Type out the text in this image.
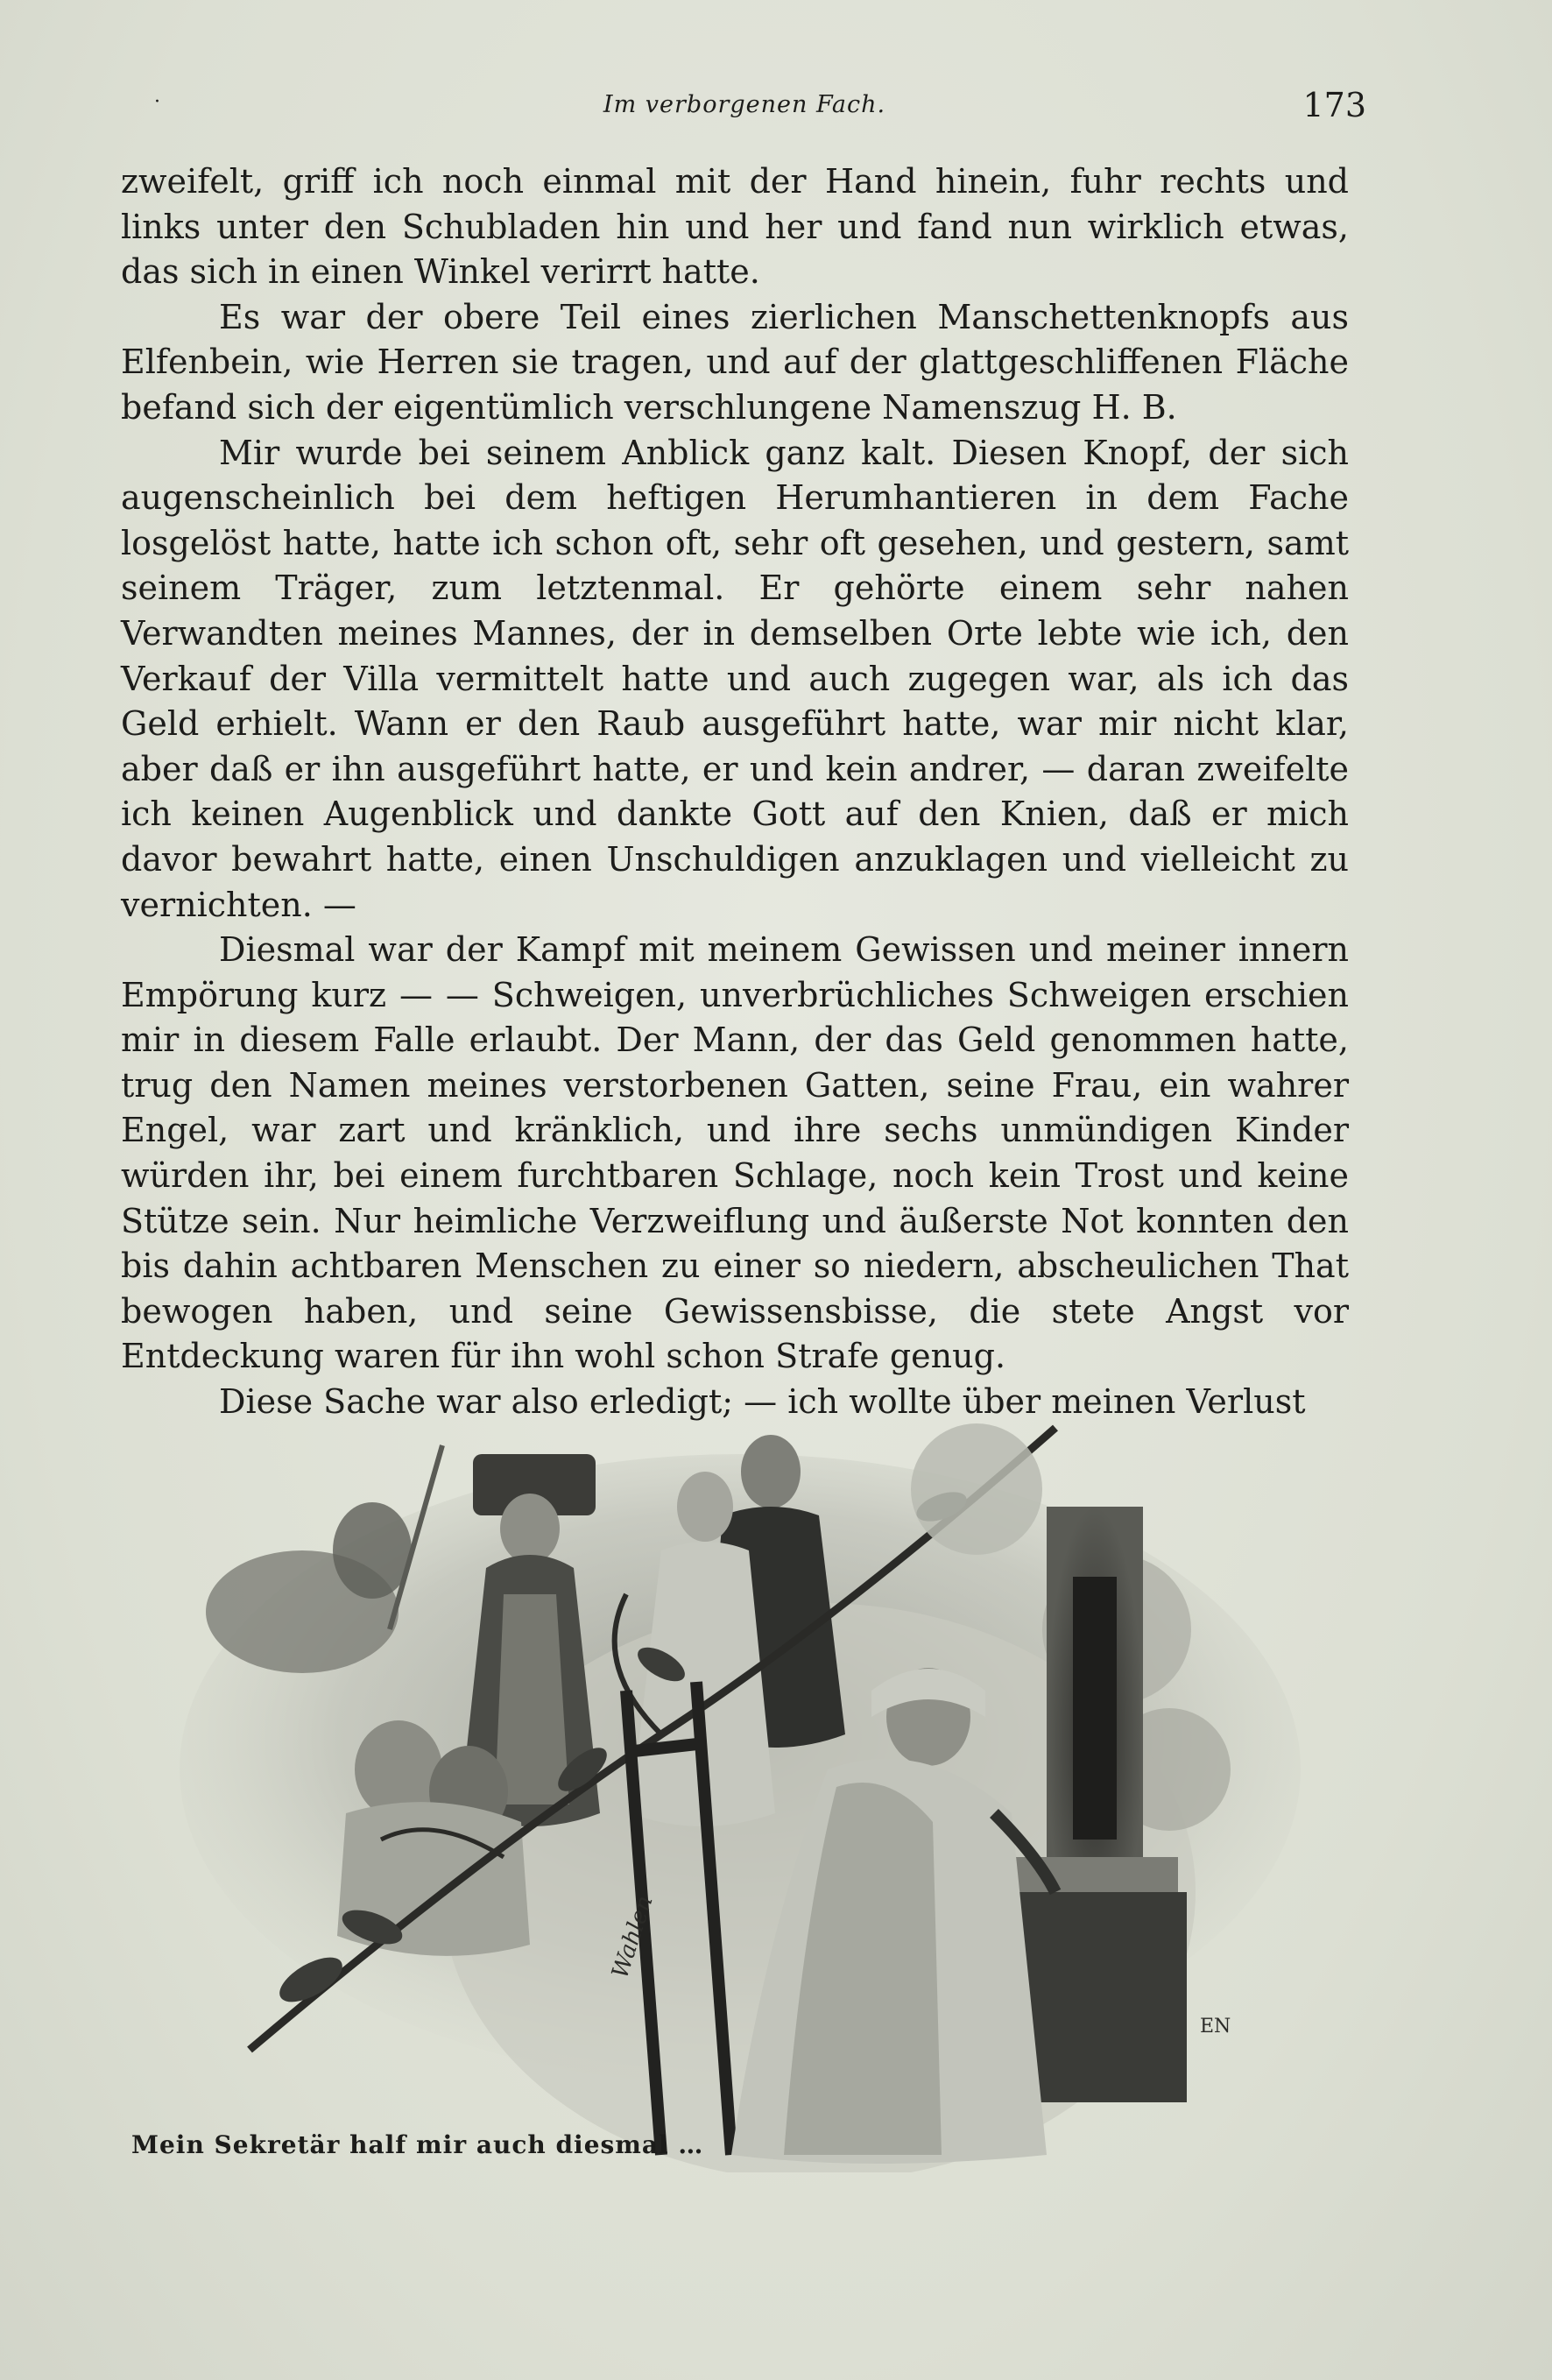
·	Im verborgenen Fach.	173

zweifelt, griff ich noch einmal mit der Hand hinein, fuhr rechts und links unter den Schubladen hin und her und fand nun wirklich etwas, das sich in einen Winkel verirrt hatte.

Es war der obere Teil eines zierlichen Manschettenknopfs aus Elfenbein, wie Herren sie tragen, und auf der glattgeschliffenen Fläche befand sich der eigentümlich verschlungene Namenszug H. B.

Mir wurde bei seinem Anblick ganz kalt. Diesen Knopf, der sich augenscheinlich bei dem heftigen Herumhantieren in dem Fache losgelöst hatte, hatte ich schon oft, sehr oft gesehen, und gestern, samt seinem Träger, zum letztenmal. Er gehörte einem sehr nahen Verwandten meines Mannes, der in demselben Orte lebte wie ich, den Verkauf der Villa vermittelt hatte und auch zugegen war, als ich das Geld erhielt. Wann er den Raub ausgeführt hatte, war mir nicht klar, aber daß er ihn ausgeführt hatte, er und kein andrer, — daran zweifelte ich keinen Augenblick und dankte Gott auf den Knien, daß er mich davor bewahrt hatte, einen Unschuldigen anzuklagen und vielleicht zu vernichten. —

Diesmal war der Kampf mit meinem Gewissen und meiner innern Empörung kurz — — Schweigen, unverbrüchliches Schweigen erschien mir in diesem Falle erlaubt. Der Mann, der das Geld genommen hatte, trug den Namen meines verstorbenen Gatten, seine Frau, ein wahrer Engel, war zart und kränklich, und ihre sechs unmündigen Kinder würden ihr, bei einem furchtbaren Schlage, noch kein Trost und keine Stütze sein. Nur heimliche Verzweiflung und äußerste Not konnten den bis dahin achtbaren Menschen zu einer so niedern, abscheulichen That bewogen haben, und seine Gewissensbisse, die stete Angst vor Entdeckung waren für ihn wohl schon Strafe genug.

Diese Sache war also erledigt; — ich wollte über meinen Verlust

Wahlen
EN
Mein Sekretär half mir auch diesmal …
